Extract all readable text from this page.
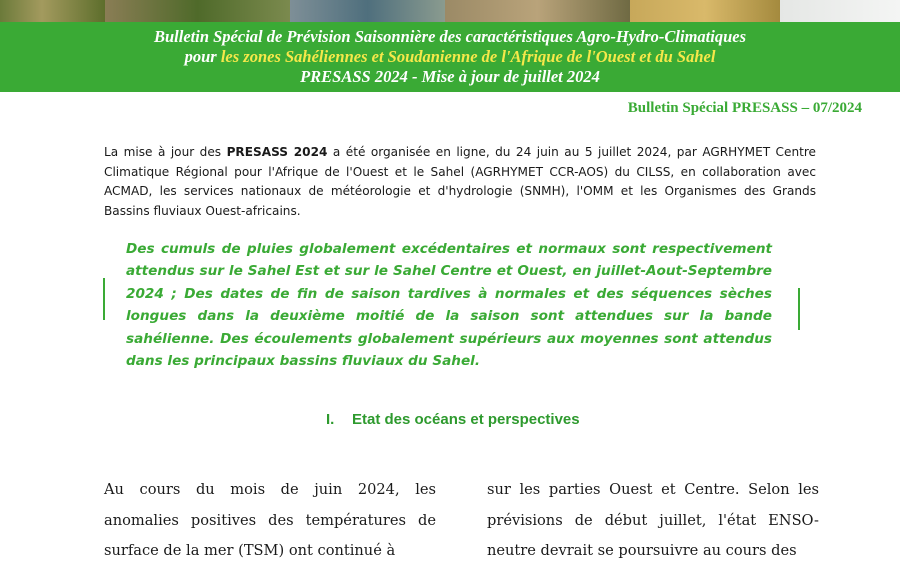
Bulletin Spécial de Prévision Saisonnière des caractéristiques Agro-Hydro-Climatiques
pour les zones Sahéliennes et Soudanienne de l'Afrique de l'Ouest et du Sahel
PRESASS 2024 - Mise à jour de juillet 2024
Bulletin Spécial PRESASS – 07/2024
La mise à jour des PRESASS 2024 a été organisée en ligne, du 24 juin au 5 juillet 2024, par AGRHYMET Centre Climatique Régional pour l'Afrique de l'Ouest et le Sahel (AGRHYMET CCR-AOS) du CILSS, en collaboration avec ACMAD, les services nationaux de météorologie et d'hydrologie (SNMH), l'OMM et les Organismes des Grands Bassins fluviaux Ouest-africains.
Des cumuls de pluies globalement excédentaires et normaux sont respectivement attendus sur le Sahel Est et sur le Sahel Centre et Ouest, en juillet-Aout-Septembre 2024 ; Des dates de fin de saison tardives à normales et des séquences sèches longues dans la deuxième moitié de la saison sont attendues sur la bande sahélienne. Des écoulements globalement supérieurs aux moyennes sont attendus dans les principaux bassins fluviaux du Sahel.
I. Etat des océans et perspectives
Au cours du mois de juin 2024, les anomalies positives des températures de surface de la mer (TSM) ont continué à
sur les parties Ouest et Centre. Selon les prévisions de début juillet, l'état ENSO-neutre devrait se poursuivre au cours des
